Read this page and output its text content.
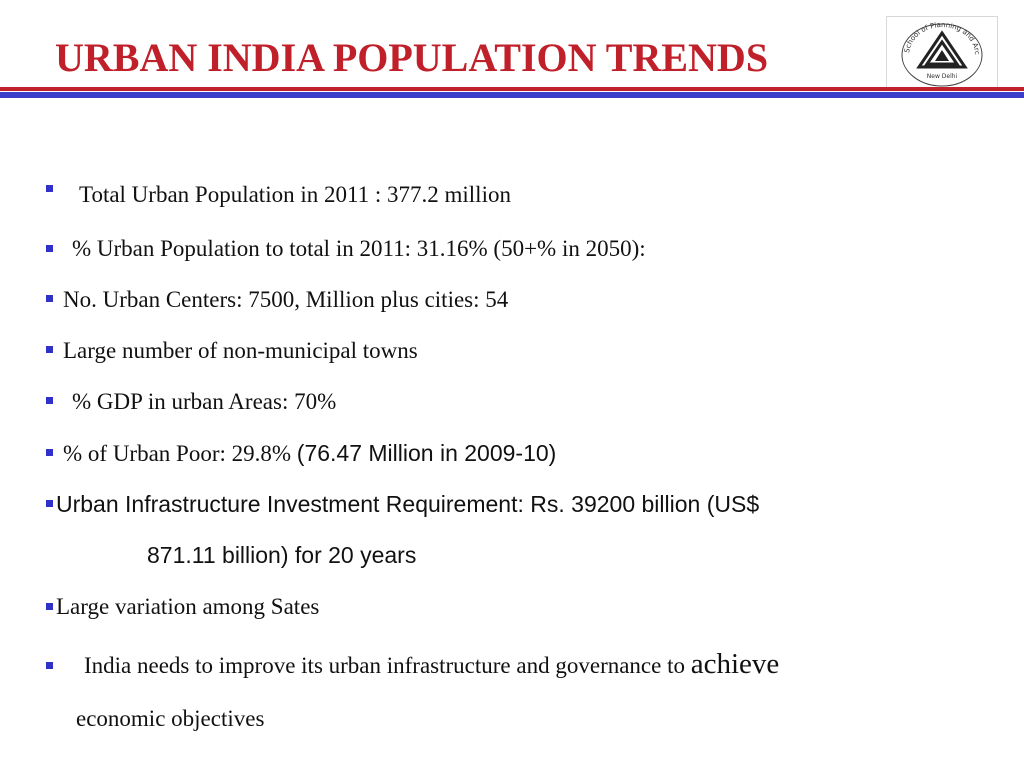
URBAN INDIA POPULATION TRENDS	School of Planning and Arc
New Delhi
Total Urban Population in 2011 : 377.2 million
% Urban Population to total in 2011: 31.16% (50+% in 2050):
No. Urban Centers: 7500, Million plus cities: 54
Large number of non-municipal towns
% GDP in urban Areas: 70%
% of Urban Poor: 29.8% (76.47 Million in 2009-10)
Urban Infrastructure Investment Requirement: Rs. 39200 billion (US$
871.11 billion) for 20 years
Large variation among Sates
India needs to improve its urban infrastructure and governance to achieve
economic objectives
